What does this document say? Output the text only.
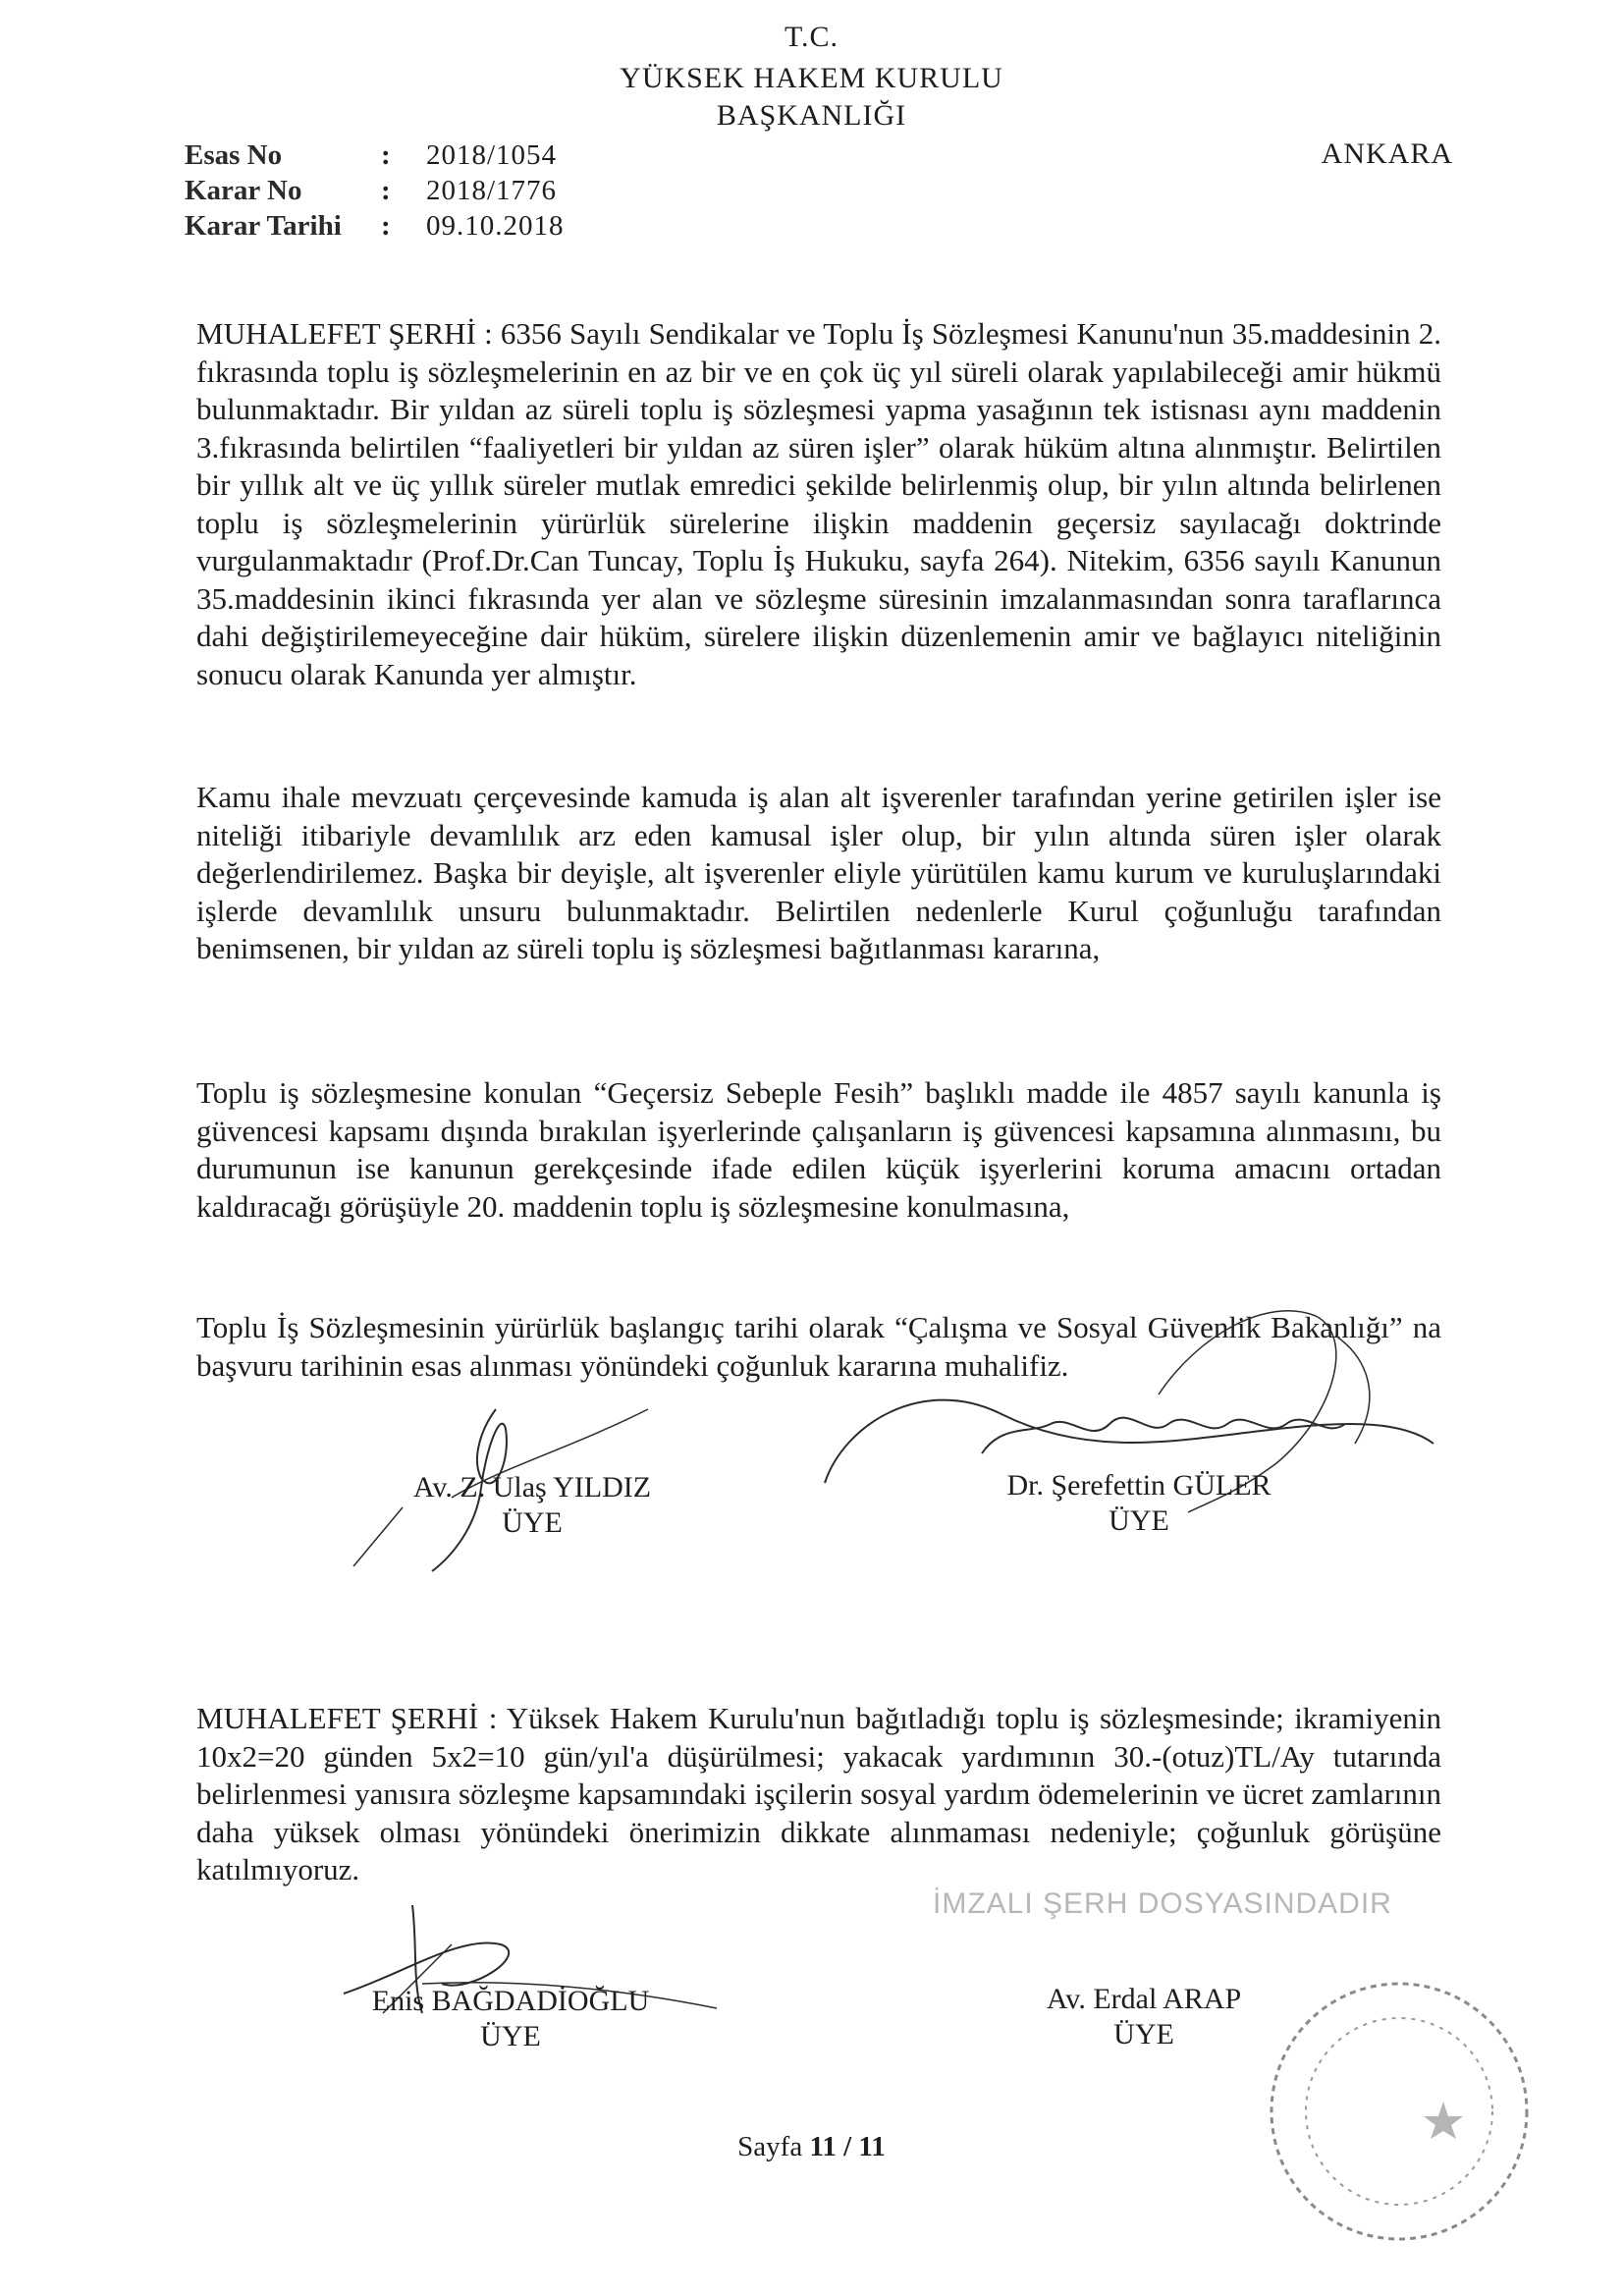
T.C.
YÜKSEK HAKEM KURULU
BAŞKANLIĞI
Esas No	:	2018/1054
Karar No	:	2018/1776
Karar Tarihi	:	09.10.2018
ANKARA

MUHALEFET ŞERHİ : 6356 Sayılı Sendikalar ve Toplu İş Sözleşmesi Kanunu'nun 35.maddesinin 2. fıkrasında toplu iş sözleşmelerinin en az bir ve en çok üç yıl süreli olarak yapılabileceği amir hükmü bulunmaktadır. Bir yıldan az süreli toplu iş sözleşmesi yapma yasağının tek istisnası aynı maddenin 3.fıkrasında belirtilen “faaliyetleri bir yıldan az süren işler” olarak hüküm altına alınmıştır. Belirtilen bir yıllık alt ve üç yıllık süreler mutlak emredici şekilde belirlenmiş olup, bir yılın altında belirlenen toplu iş sözleşmelerinin yürürlük sürelerine ilişkin maddenin geçersiz sayılacağı doktrinde vurgulanmaktadır (Prof.Dr.Can Tuncay, Toplu İş Hukuku, sayfa 264). Nitekim, 6356 sayılı Kanunun 35.maddesinin ikinci fıkrasında yer alan ve sözleşme süresinin imzalanmasından sonra taraflarınca dahi değiştirilemeyeceğine dair hüküm, sürelere ilişkin düzenlemenin amir ve bağlayıcı niteliğinin sonucu olarak Kanunda yer almıştır.

Kamu ihale mevzuatı çerçevesinde kamuda iş alan alt işverenler tarafından yerine getirilen işler ise niteliği itibariyle devamlılık arz eden kamusal işler olup, bir yılın altında süren işler olarak değerlendirilemez. Başka bir deyişle, alt işverenler eliyle yürütülen kamu kurum ve kuruluşlarındaki işlerde devamlılık unsuru bulunmaktadır. Belirtilen nedenlerle Kurul çoğunluğu tarafından benimsenen, bir yıldan az süreli toplu iş sözleşmesi bağıtlanması kararına,

Toplu iş sözleşmesine konulan “Geçersiz Sebeple Fesih” başlıklı madde ile 4857 sayılı kanunla iş güvencesi kapsamı dışında bırakılan işyerlerinde çalışanların iş güvencesi kapsamına alınmasını, bu durumunun ise kanunun gerekçesinde ifade edilen küçük işyerlerini koruma amacını ortadan kaldıracağı görüşüyle 20. maddenin toplu iş sözleşmesine konulmasına,

Toplu İş Sözleşmesinin yürürlük başlangıç tarihi olarak “Çalışma ve Sosyal Güvenlik Bakanlığı” na başvuru tarihinin esas alınması yönündeki çoğunluk kararına muhalifiz.

Av. Z. Ulaş YILDIZ
ÜYE
Dr. Şerefettin GÜLER
ÜYE

MUHALEFET ŞERHİ : Yüksek Hakem Kurulu'nun bağıtladığı toplu iş sözleşmesinde; ikramiyenin 10x2=20 günden 5x2=10 gün/yıl'a düşürülmesi; yakacak yardımının 30.-(otuz)TL/Ay tutarında belirlenmesi yanısıra sözleşme kapsamındaki işçilerin sosyal yardım ödemelerinin ve ücret zamlarının daha yüksek olması yönündeki önerimizin dikkate alınmaması nedeniyle; çoğunluk görüşüne katılmıyoruz.

İMZALI ŞERH DOSYASINDADIR
Enis BAĞDADİOĞLU
ÜYE
Av. Erdal ARAP
ÜYE
Sayfa 11 / 11
